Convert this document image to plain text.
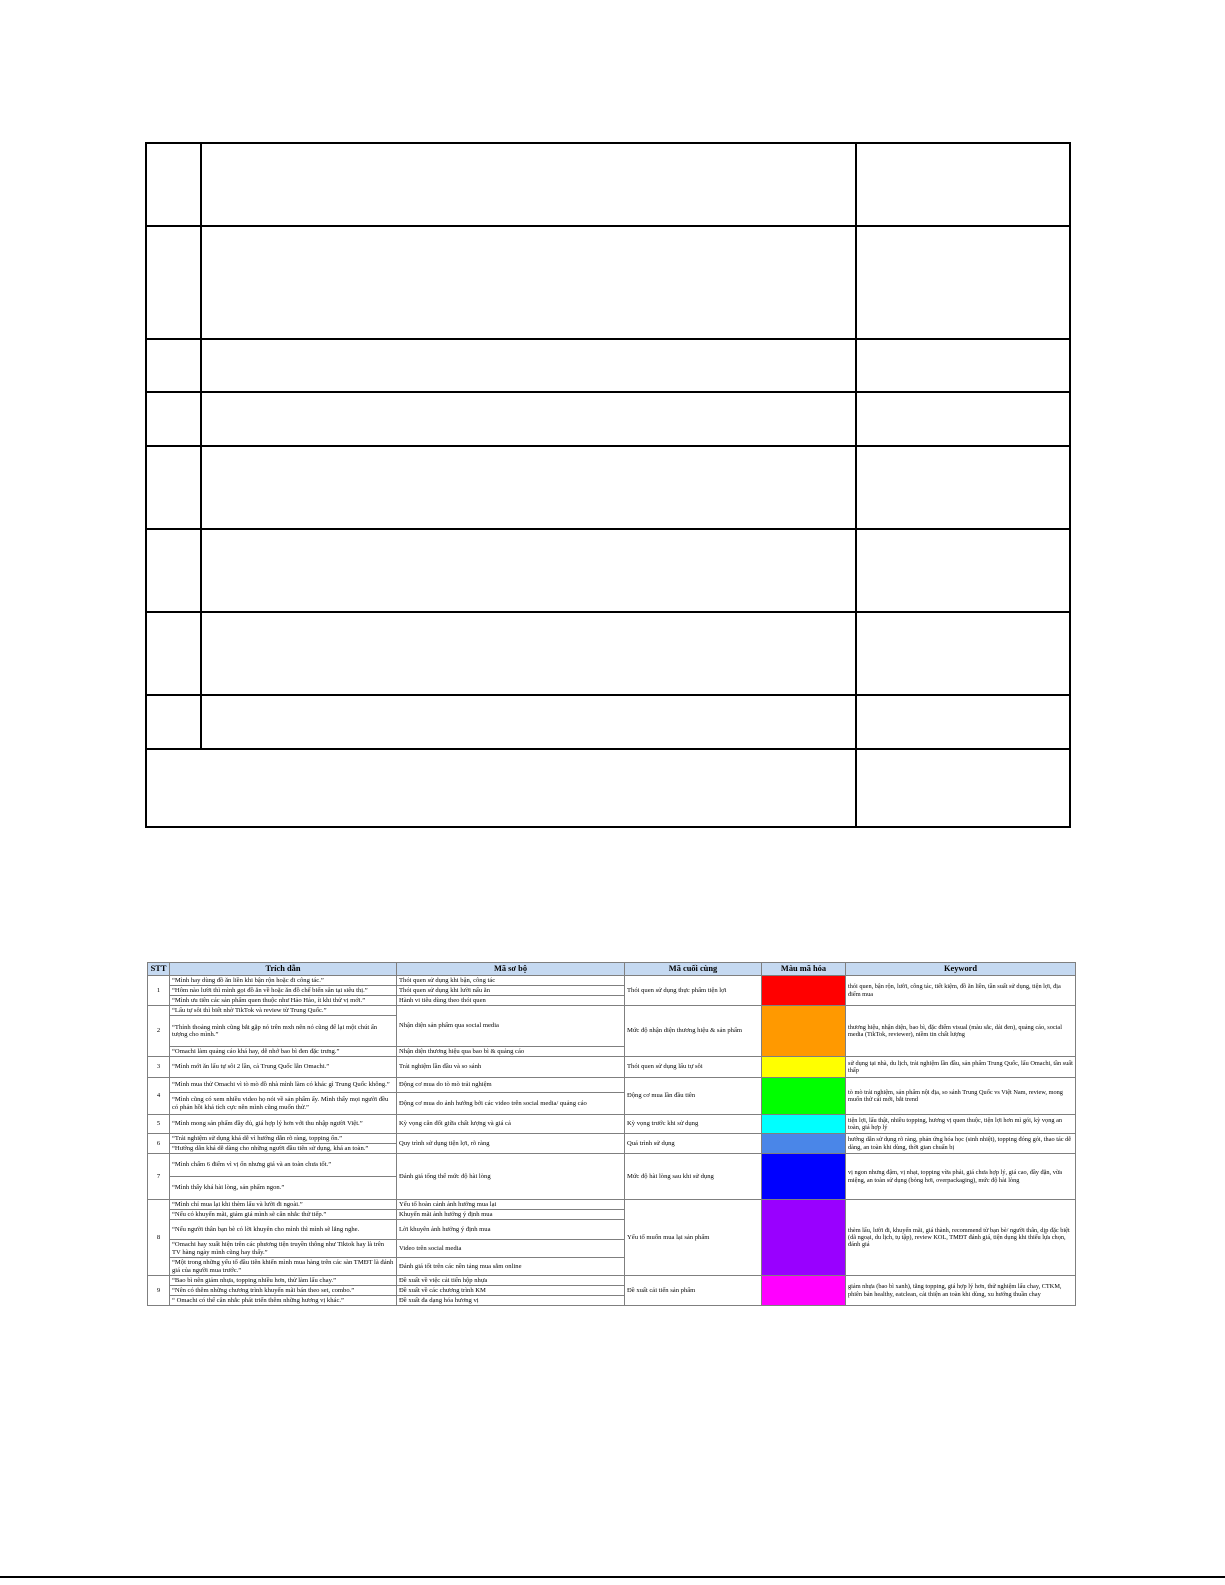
STT	Trích dẫn	Mã sơ bộ	Mã cuối cùng	Màu mã hóa	Keyword
1	“Mình hay dùng đồ ăn liền khi bận rộn hoặc đi công tác.”	Thói quen sử dụng khi bận, công tác	Thói quen sử dụng thực phẩm tiện lợi		thói quen, bận rộn, lười, công tác, tiết kiệm, đồ ăn liền, tần suất sử dụng, tiện lợi, địa điểm mua
	“Hôm nào lười thì mình gọi đồ ăn về hoặc ăn đồ chế biến sẵn tại siêu thị.”	Thói quen sử dụng khi lười nấu ăn			
	“Mình ưu tiên các sản phẩm quen thuộc như Hảo Hảo, ít khi thử vị mới.”	Hành vi tiêu dùng theo thói quen			
2	“Lẩu tự sôi thì biết nhờ TikTok và review từ Trung Quốc.”	Nhận diện sản phẩm qua social media	Mức độ nhận diện thương hiệu & sản phẩm		thương hiệu, nhận diện, bao bì, đặc điểm visual (màu sắc, dải đen), quảng cáo, social media (TikTok, reviewer), niềm tin chất lượng
	“Thỉnh thoảng mình cũng bắt gặp nó trên mxh nên nó cũng để lại một chút ấn tượng cho mình.”				
	“Omachi làm quảng cáo khá hay, dễ nhớ bao bì đen đặc trưng.”	Nhận diện thương hiệu qua bao bì & quảng cáo			
3	“Mình mới ăn lẩu tự sôi 2 lần, cả Trung Quốc lẫn Omachi.”	Trải nghiệm lần đầu và so sánh	Thói quen sử dụng lẩu tự sôi		sử dụng tại nhà, du lịch, trải nghiệm lần đầu, sản phẩm Trung Quốc, lẩu Omachi, tần suất thấp
4	“Mình mua thử Omachi vì tò mò đồ nhà mình làm có khác gì Trung Quốc không.”	Động cơ mua do tò mò trải nghiệm	Động cơ mua lần đầu tiên		tò mò trải nghiệm, sản phẩm nội địa, so sánh Trung Quốc vs Việt Nam, review, mong muốn thử cái mới, bắt trend
	“Mình cũng có xem nhiều video họ nói về sản phẩm ấy. Mình thấy mọi người đều có phản hồi khá tích cực nên mình cũng muốn thử.”	Động cơ mua do ảnh hưởng bởi các video trên social media/ quảng cáo			
5	“Mình mong sản phẩm đầy đủ, giá hợp lý hơn với thu nhập người Việt.”	Kỳ vọng cân đối giữa chất lượng và giá cả	Kỳ vọng trước khi sử dụng		tiện lợi, lẩu thật, nhiều topping, hương vị quen thuộc, tiện lợi hơn mì gói, kỳ vọng an toàn, giá hợp lý
6	“Trải nghiệm sử dụng khá dễ vì hướng dẫn rõ ràng, topping ổn.”	Quy trình sử dụng tiện lợi, rõ ràng	Quá trình sử dụng		hướng dẫn sử dụng rõ ràng, phản ứng hóa học (sinh nhiệt), topping đóng gói, thao tác dễ dàng, an toàn khi dùng, thời gian chuẩn bị
	“Hướng dẫn khá dễ dàng cho những người đầu tiên sử dụng, khá an toàn.”				
7	“Mình chấm 6 điểm vì vị ổn nhưng giá và an toàn chưa tốt.”	Đánh giá tổng thể mức độ hài lòng	Mức độ hài lòng sau khi sử dụng		vị ngon nhưng đậm, vị nhạt, topping vừa phải, giá chưa hợp lý, giá cao, đầy đặn, vừa miệng, an toàn sử dụng (bỏng hơi, overpackaging), mức độ hài lòng
	“Mình thấy khá hài lòng, sản phẩm ngon.”				
8	“Mình chỉ mua lại khi thèm lẩu và lười đi ngoài.”	Yếu tố hoàn cảnh ảnh hưởng mua lại	Yếu tố muốn mua lại sản phẩm		thèm lẩu, lười đi, khuyến mãi, giá thành, recommend từ bạn bè/ người thân, dịp đặc biệt (dã ngoại, du lịch, tụ tập), review KOL, TMĐT đánh giá, tiện dụng khi thiếu lựa chọn, đánh giá
	“Nếu có khuyến mãi, giảm giá mình sẽ cân nhắc thử tiếp.”	Khuyến mãi ảnh hưởng ý định mua			
	“Nếu người thân bạn bè có lời khuyên cho mình thì mình sẽ lắng nghe.	Lời khuyên ảnh hưởng ý định mua			
	“Omachi hay xuất hiện trên các phương tiện truyền thông như Tiktok hay là trên TV hàng ngày mình cũng hay thấy.”	Video trên social media			
	“Một trong những yếu tố đầu tiên khiến mình mua hàng trên các sàn TMĐT là đánh giá của người mua trước.”	Đánh giá tốt trên các nền tảng mua sắm online			
9	“Bao bì nên giảm nhựa, topping nhiều hơn, thử làm lẩu chay.”	Đề xuất về việc cải tiến hộp nhựa	Đề xuất cải tiến sản phẩm		giảm nhựa (bao bì xanh), tăng topping, giá hợp lý hơn, thử nghiệm lẩu chay, CTKM, phiên bản healthy, eatclean, cải thiện an toàn khi dùng, xu hướng thuần chay
	“Nên có thêm những chương trình khuyến mãi bán theo set, combo.”	Đề xuất về các chương trình KM			
	“ Omachi có thể cân nhắc phát triển thêm những hương vị khác.”	Đề xuất đa dạng hóa hương vị			
